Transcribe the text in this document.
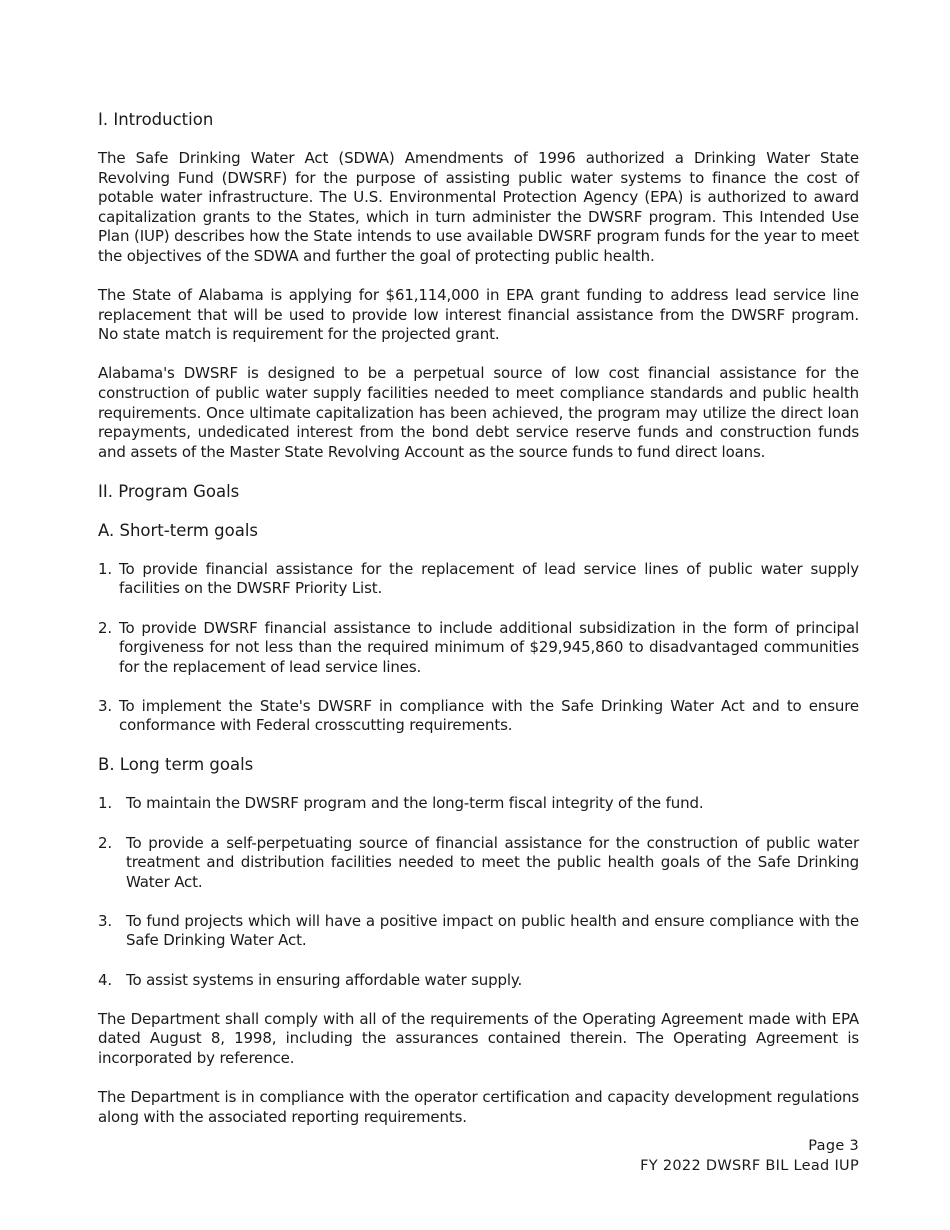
I. Introduction

The Safe Drinking Water Act (SDWA) Amendments of 1996 authorized a Drinking Water State Revolving Fund (DWSRF) for the purpose of assisting public water systems to finance the cost of potable water infrastructure. The U.S. Environmental Protection Agency (EPA) is authorized to award capitalization grants to the States, which in turn administer the DWSRF program. This Intended Use Plan (IUP) describes how the State intends to use available DWSRF program funds for the year to meet the objectives of the SDWA and further the goal of protecting public health.

The State of Alabama is applying for $61,114,000 in EPA grant funding to address lead service line replacement that will be used to provide low interest financial assistance from the DWSRF program. No state match is requirement for the projected grant.

Alabama's DWSRF is designed to be a perpetual source of low cost financial assistance for the construction of public water supply facilities needed to meet compliance standards and public health requirements. Once ultimate capitalization has been achieved, the program may utilize the direct loan repayments, undedicated interest from the bond debt service reserve funds and construction funds and assets of the Master State Revolving Account as the source funds to fund direct loans.

II. Program Goals
A. Short-term goals
1. To provide financial assistance for the replacement of lead service lines of public water supply facilities on the DWSRF Priority List.
2. To provide DWSRF financial assistance to include additional subsidization in the form of principal forgiveness for not less than the required minimum of $29,945,860 to disadvantaged communities for the replacement of lead service lines.
3. To implement the State's DWSRF in compliance with the Safe Drinking Water Act and to ensure conformance with Federal crosscutting requirements.
B. Long term goals
1. To maintain the DWSRF program and the long-term fiscal integrity of the fund.
2. To provide a self-perpetuating source of financial assistance for the construction of public water treatment and distribution facilities needed to meet the public health goals of the Safe Drinking Water Act.
3. To fund projects which will have a positive impact on public health and ensure compliance with the Safe Drinking Water Act.
4. To assist systems in ensuring affordable water supply.

The Department shall comply with all of the requirements of the Operating Agreement made with EPA dated August 8, 1998, including the assurances contained therein. The Operating Agreement is incorporated by reference.

The Department is in compliance with the operator certification and capacity development regulations along with the associated reporting requirements.

Page 3
FY 2022 DWSRF BIL Lead IUP
